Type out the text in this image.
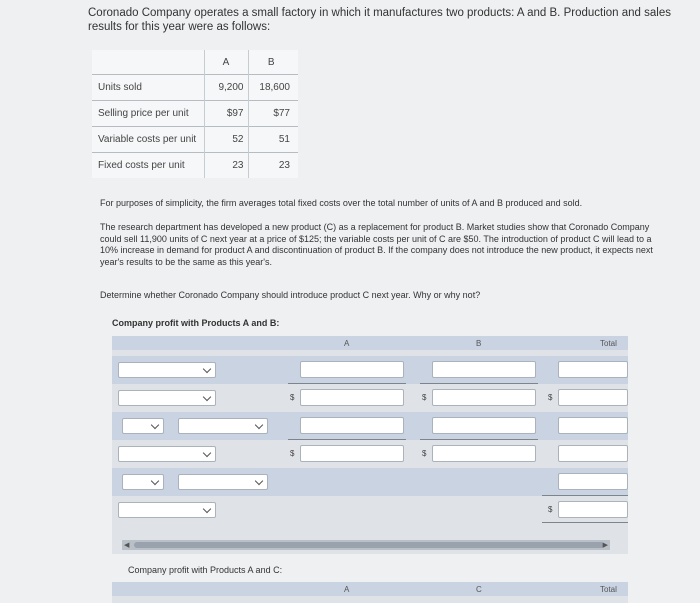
Coronado Company operates a small factory in which it manufactures two products: A and B. Production and sales results for this year were as follows:
	A	B
Units sold	9,200	18,600
Selling price per unit	$97	$77
Variable costs per unit	52	51
Fixed costs per unit	23	23
For purposes of simplicity, the firm averages total fixed costs over the total number of units of A and B produced and sold.
The research department has developed a new product (C) as a replacement for product B. Market studies show that Coronado Company could sell 11,900 units of C next year at a price of $125; the variable costs per unit of C are $50. The introduction of product C will lead to a 10% increase in demand for product A and discontinuation of product B. If the company does not introduce the new product, it expects next year's results to be the same as this year's.
Determine whether Coronado Company should introduce product C next year. Why or why not?
Company profit with Products A and B:
A	B	Total
$	$	$
$	$
$
◀	▶
Company profit with Products A and C:
A	C	Total
